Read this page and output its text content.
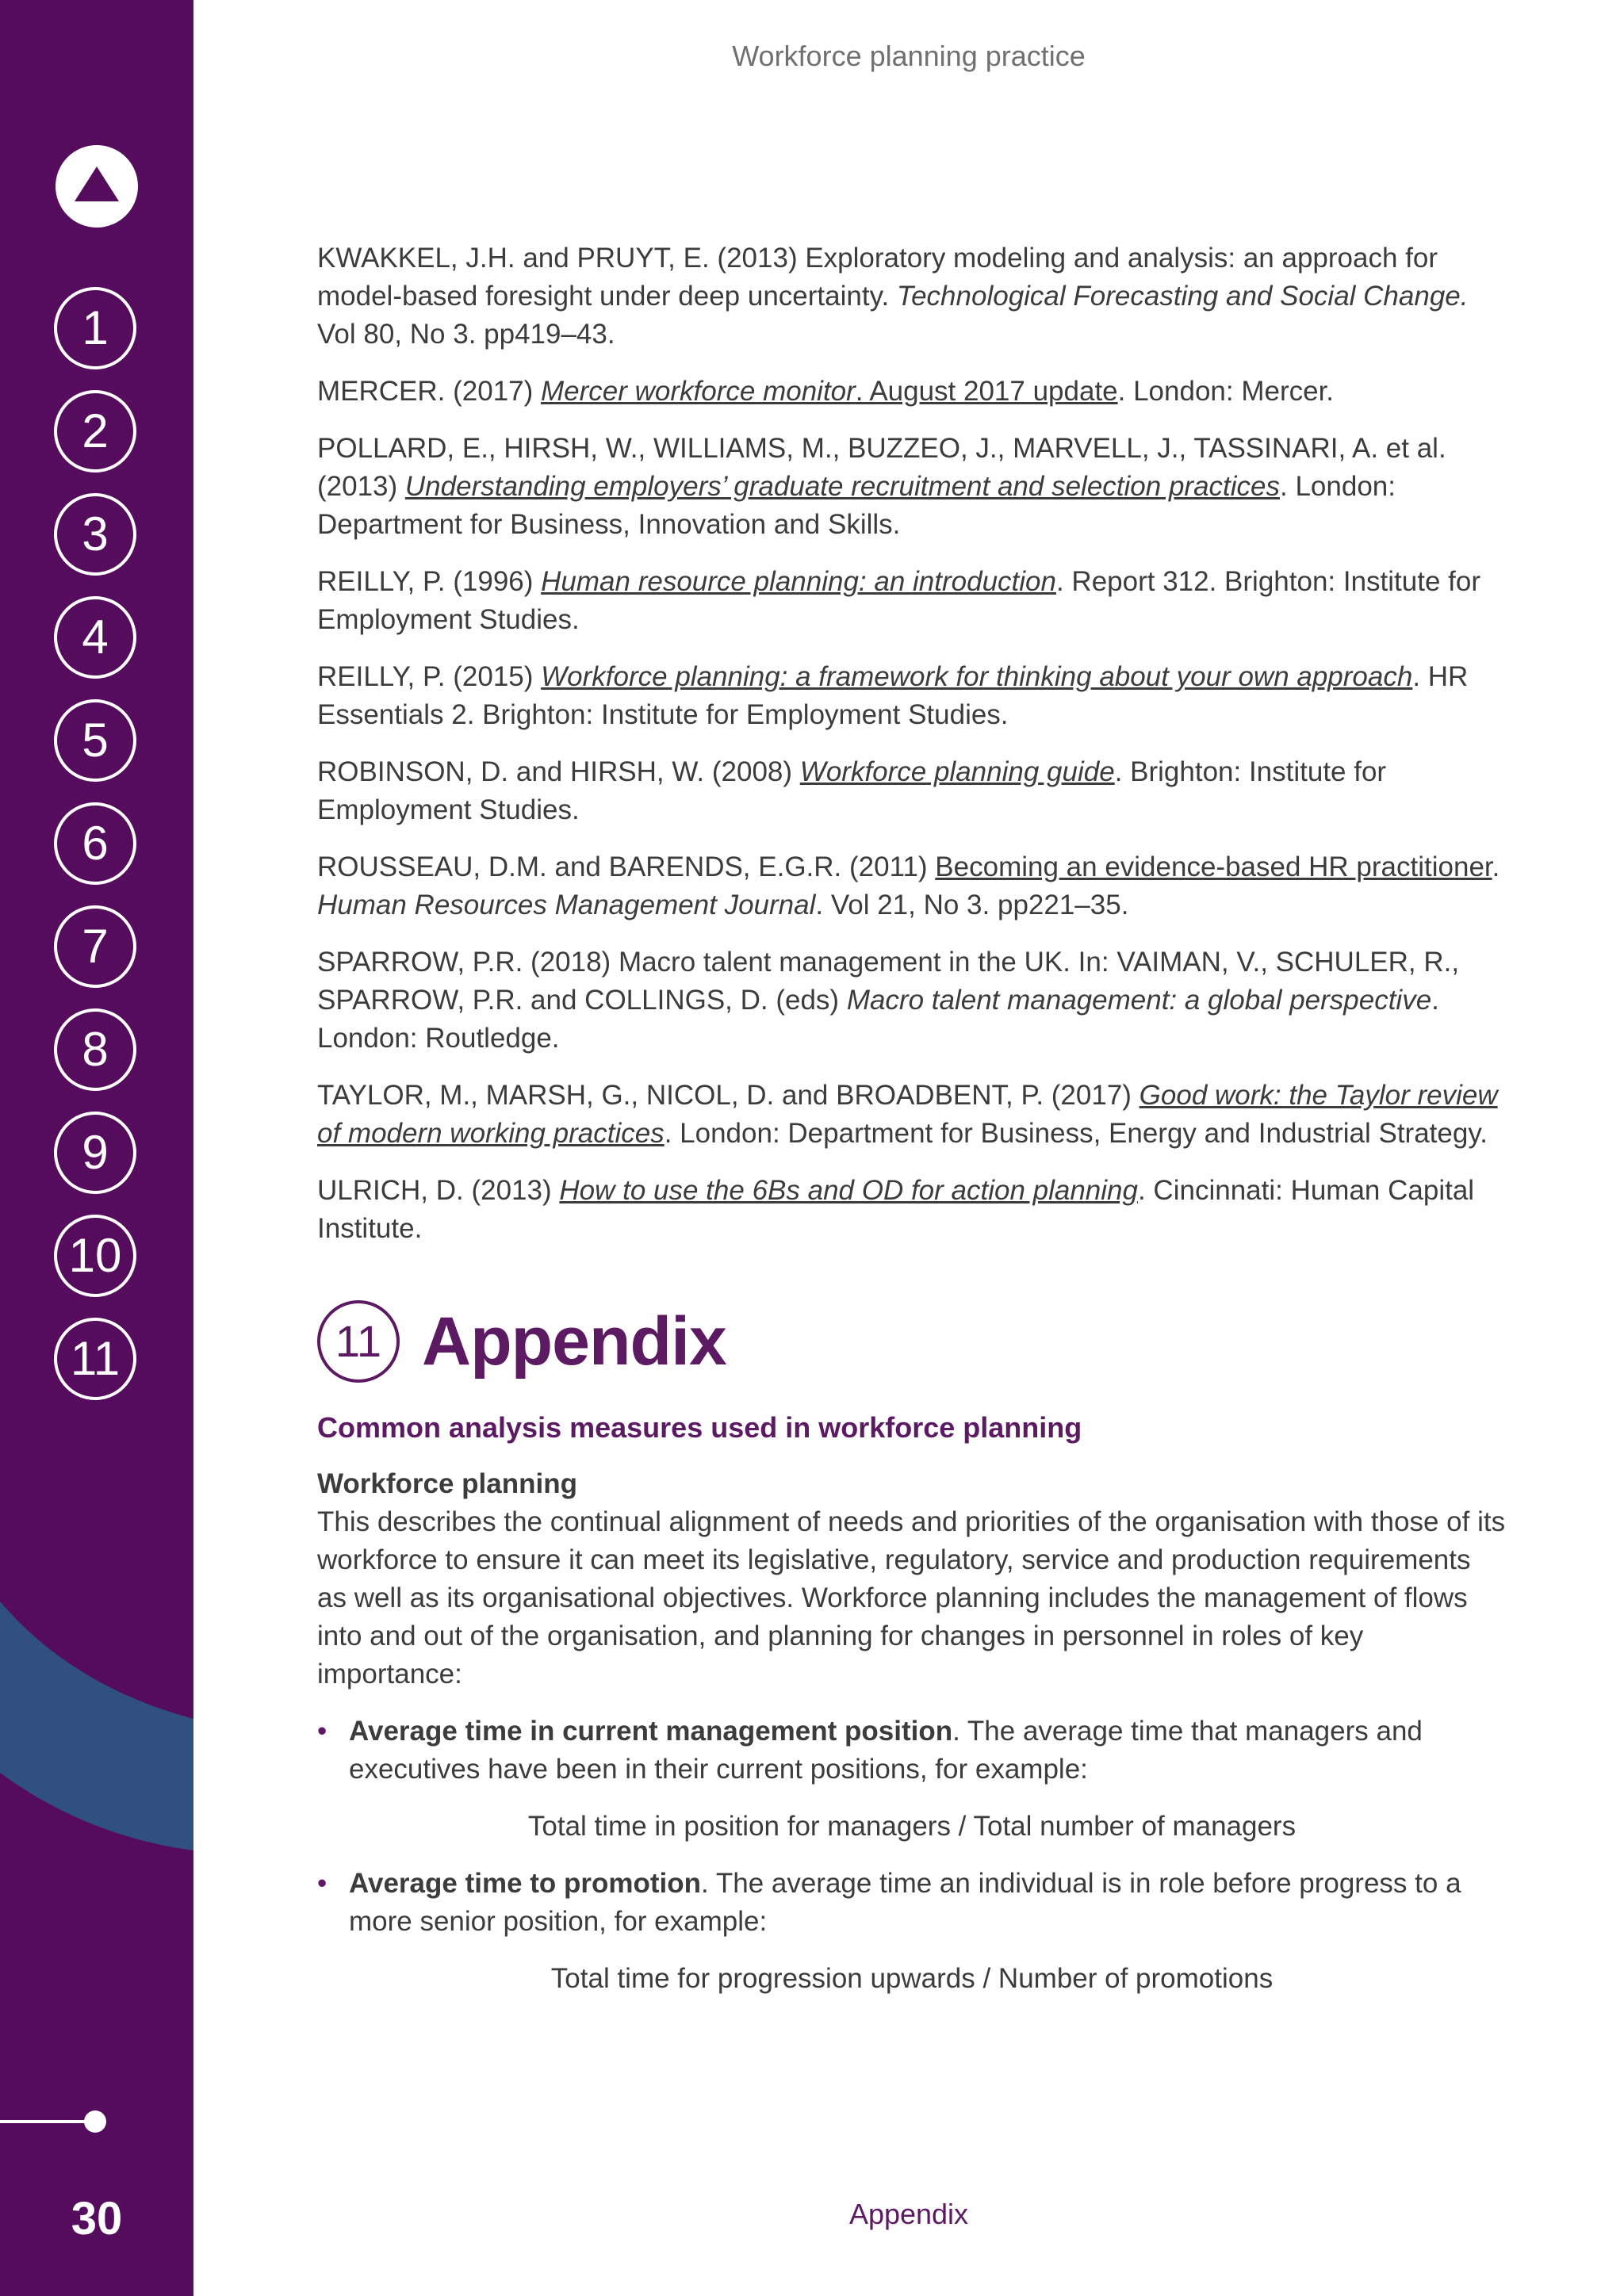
1
2
3
4
5
6
7
8
9
10
11
30
Workforce planning practice

KWAKKEL, J.H. and PRUYT, E. (2013) Exploratory modeling and analysis: an approach for model-based foresight under deep uncertainty. Technological Forecasting and Social Change. Vol 80, No 3. pp419–43.

MERCER. (2017) Mercer workforce monitor. August 2017 update. London: Mercer.

POLLARD, E., HIRSH, W., WILLIAMS, M., BUZZEO, J., MARVELL, J., TASSINARI, A. et al. (2013) Understanding employers’ graduate recruitment and selection practices. London: Department for Business, Innovation and Skills.

REILLY, P. (1996) Human resource planning: an introduction. Report 312. Brighton: Institute for Employment Studies.

REILLY, P. (2015) Workforce planning: a framework for thinking about your own approach. HR Essentials 2. Brighton: Institute for Employment Studies.

ROBINSON, D. and HIRSH, W. (2008) Workforce planning guide. Brighton: Institute for Employment Studies.

ROUSSEAU, D.M. and BARENDS, E.G.R. (2011) Becoming an evidence-based HR practitioner. Human Resources Management Journal. Vol 21, No 3. pp221–35.

SPARROW, P.R. (2018) Macro talent management in the UK. In: VAIMAN, V., SCHULER, R., SPARROW, P.R. and COLLINGS, D. (eds) Macro talent management: a global perspective. London: Routledge.

TAYLOR, M., MARSH, G., NICOL, D. and BROADBENT, P. (2017) Good work: the Taylor review of modern working practices. London: Department for Business, Energy and Industrial Strategy.

ULRICH, D. (2013) How to use the 6Bs and OD for action planning. Cincinnati: Human Capital Institute.

11 Appendix
Common analysis measures used in workforce planning
Workforce planning

This describes the continual alignment of needs and priorities of the organisation with those of its workforce to ensure it can meet its legislative, regulatory, service and production requirements as well as its organisational objectives. Workforce planning includes the management of flows into and out of the organisation, and planning for changes in personnel in roles of key importance:

• Average time in current management position. The average time that managers and executives have been in their current positions, for example:

Total time in position for managers / Total number of managers

• Average time to promotion. The average time an individual is in role before progress to a more senior position, for example:

Total time for progression upwards / Number of promotions

Appendix
